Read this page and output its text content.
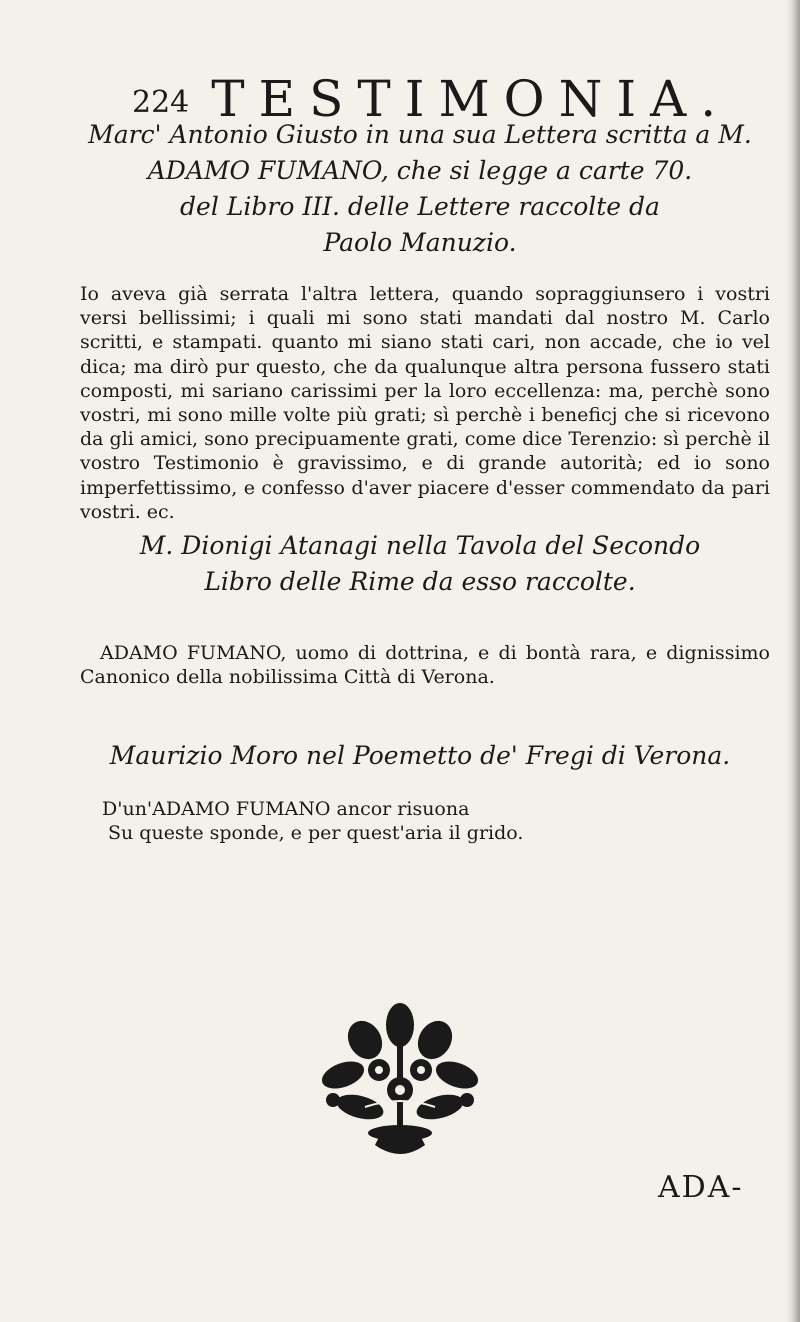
224 TESTIMONIA.
Marc' Antonio Giusto in una sua Lettera scritta a M.
ADAMO FUMANO, che si legge a carte 70.
del Libro III. delle Lettere raccolte da
Paolo Manuzio.

Io aveva già serrata l'altra lettera, quando sopraggiunsero i vostri versi bellissimi; i quali mi sono stati mandati dal nostro M. Carlo scritti, e stampati. quanto mi siano stati cari, non accade, che io vel dica; ma dirò pur questo, che da qualunque altra persona fussero stati composti, mi sariano carissimi per la loro eccellenza: ma, perchè sono vostri, mi sono mille volte più grati; sì perchè i beneficj che si ricevono da gli amici, sono precipuamente grati, come dice Terenzio: sì perchè il vostro Testimonio è gravissimo, e di grande autorità; ed io sono imperfettissimo, e confesso d'aver piacere d'esser commendato da pari vostri. ec.

M. Dionigi Atanagi nella Tavola del Secondo
Libro delle Rime da esso raccolte.

ADAMO FUMANO, uomo di dottrina, e di bontà rara, e dignissimo Canonico della nobilissima Città di Verona.

Maurizio Moro nel Poemetto de' Fregi di Verona.
D'un'ADAMO FUMANO ancor risuona
Su queste sponde, e per quest'aria il grido.
ADA-
